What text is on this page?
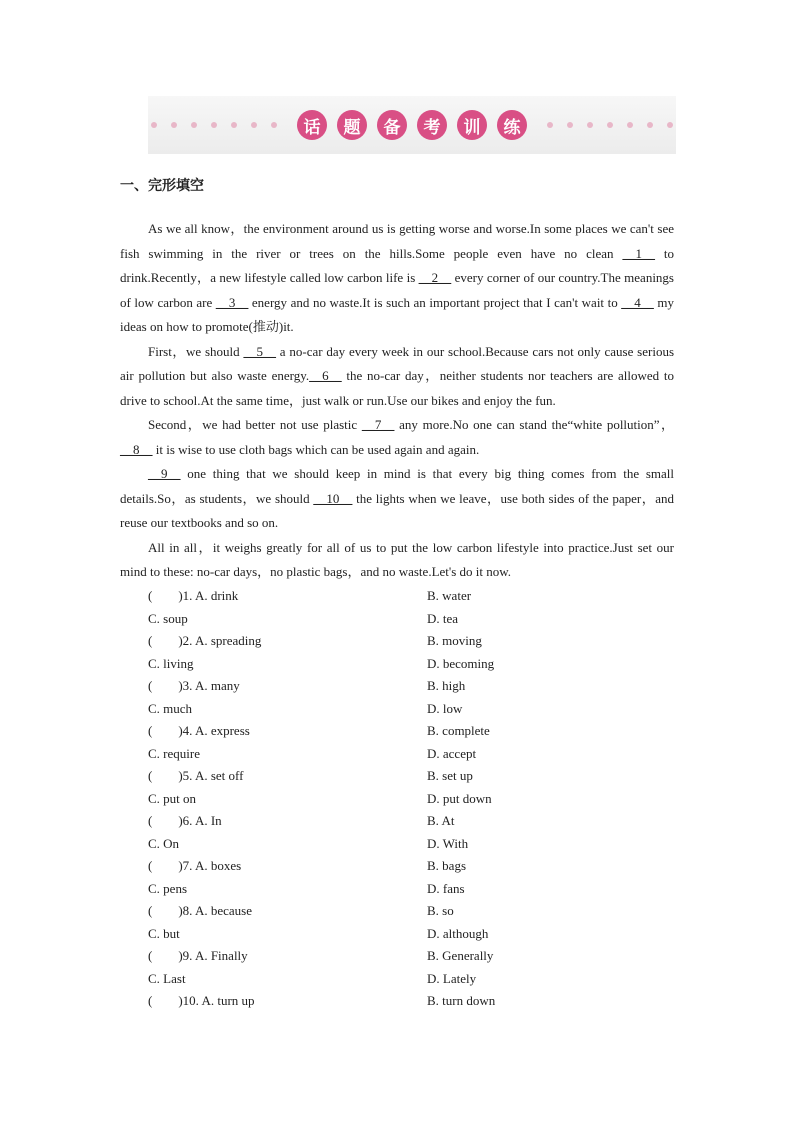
话	题	备	考	训	练
一、完形填空

As we all know，the environment around us is getting worse and worse.In some places we can't see fish swimming in the river or trees on the hills.Some people even have no clean __1__ to drink.Recently，a new lifestyle called low carbon life is __2__ every corner of our country.The meanings of low carbon are __3__ energy and no waste.It is such an important project that I can't wait to __4__ my ideas on how to promote(推动)it.

First，we should __5__ a no-car day every week in our school.Because cars not only cause serious air pollution but also waste energy.__6__ the no-car day，neither students nor teachers are allowed to drive to school.At the same time，just walk or run.Use our bikes and enjoy the fun.

Second，we had better not use plastic __7__ any more.No one can stand the“white pollution”，__8__ it is wise to use cloth bags which can be used again and again.

__9__ one thing that we should keep in mind is that every big thing comes from the small details.So，as students，we should __10__ the lights when we leave，use both sides of the paper，and reuse our textbooks and so on.

All in all，it weighs greatly for all of us to put the low carbon lifestyle into practice.Just set our mind to these: no-car days，no plastic bags，and no waste.Let's do it now.

(　　)1. A. drink	B. water
C. soup	D. tea
(　　)2. A. spreading	B. moving
C. living	D. becoming
(　　)3. A. many	B. high
C. much	D. low
(　　)4. A. express	B. complete
C. require	D. accept
(　　)5. A. set off	B. set up
C. put on	D. put down
(　　)6. A. In	B. At
C. On	D. With
(　　)7. A. boxes	B. bags
C. pens	D. fans
(　　)8. A. because	B. so
C. but	D. although
(　　)9. A. Finally	B. Generally
C. Last	D. Lately
(　　)10. A. turn up	B. turn down
